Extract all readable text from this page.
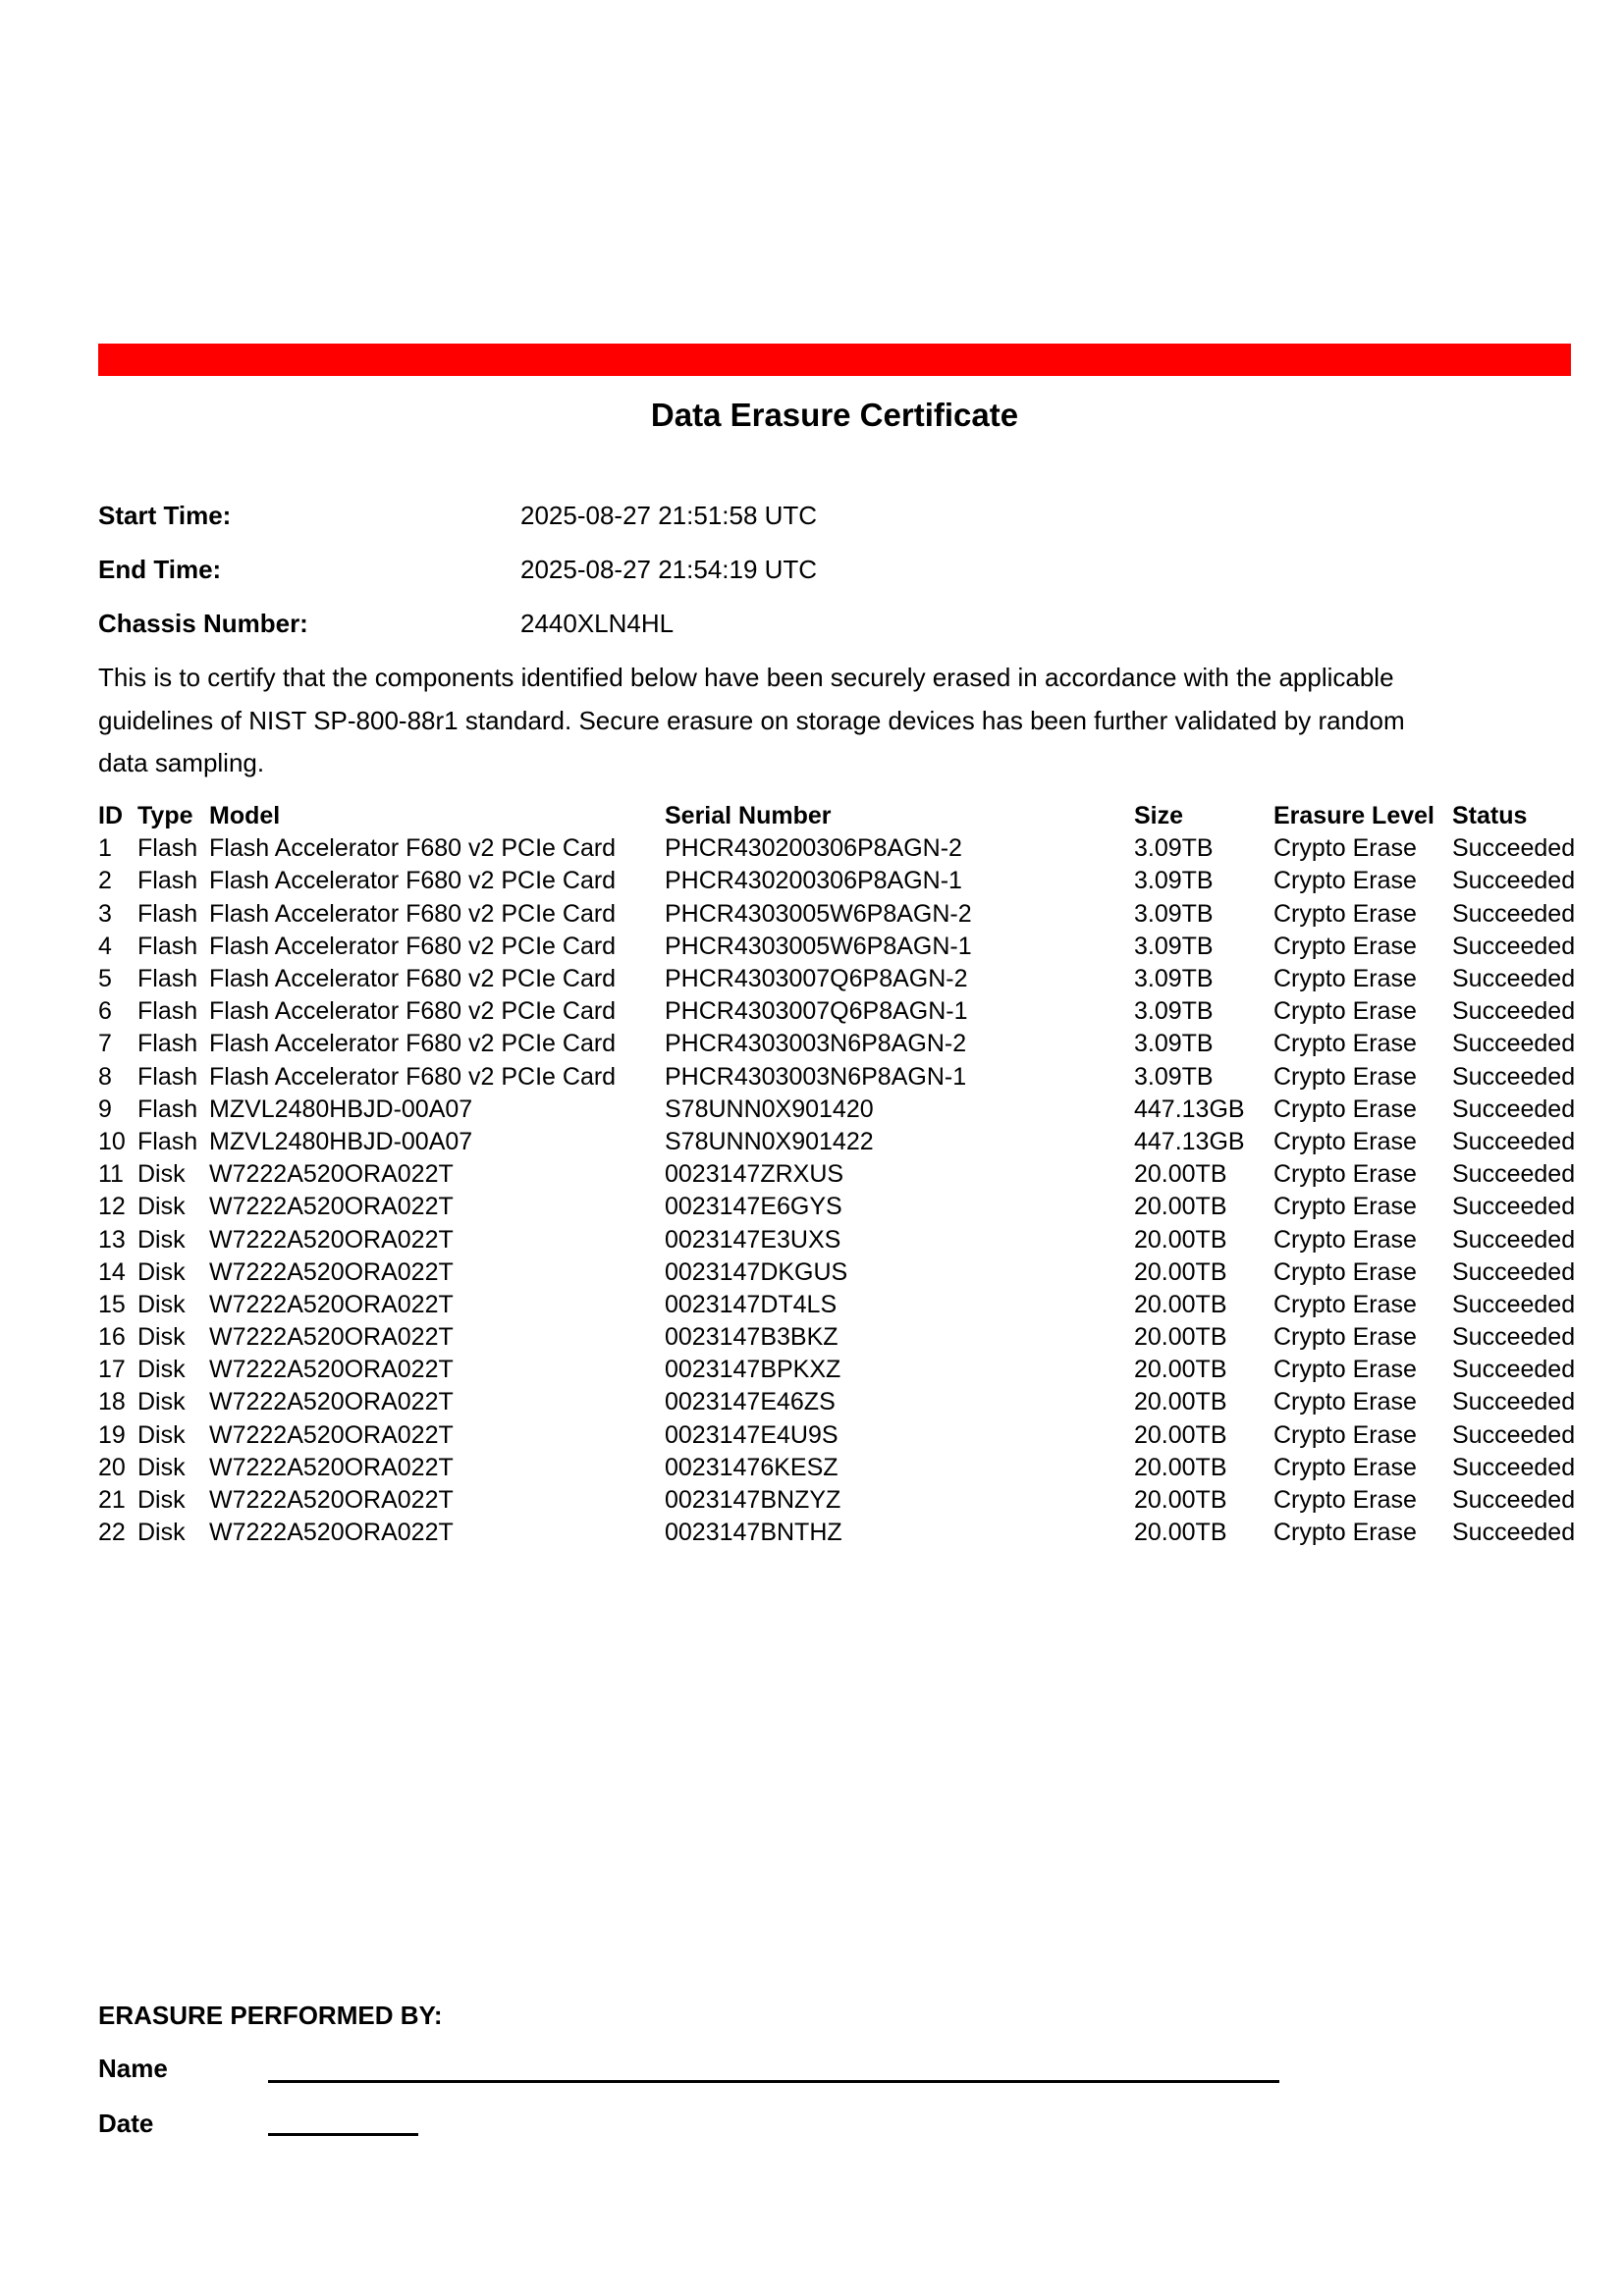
Data Erasure Certificate
Start Time:	2025-08-27 21:51:58 UTC
End Time:	2025-08-27 21:54:19 UTC
Chassis Number:	2440XLN4HL
This is to certify that the components identified below have been securely erased in accordance with the applicable
guidelines of NIST SP-800-88r1 standard. Secure erasure on storage devices has been further validated by random
data sampling.
ID Type Model	Serial Number	Size	Erasure Level Status
1	Flash Flash Accelerator F680 v2 PCIe Card	PHCR430200306P8AGN-2	3.09TB	Crypto Erase	Succeeded
2	Flash Flash Accelerator F680 v2 PCIe Card	PHCR430200306P8AGN-1	3.09TB	Crypto Erase	Succeeded
3	Flash Flash Accelerator F680 v2 PCIe Card	PHCR4303005W6P8AGN-2	3.09TB	Crypto Erase	Succeeded
4	Flash Flash Accelerator F680 v2 PCIe Card	PHCR4303005W6P8AGN-1	3.09TB	Crypto Erase	Succeeded
5	Flash Flash Accelerator F680 v2 PCIe Card	PHCR4303007Q6P8AGN-2	3.09TB	Crypto Erase	Succeeded
6	Flash Flash Accelerator F680 v2 PCIe Card	PHCR4303007Q6P8AGN-1	3.09TB	Crypto Erase	Succeeded
7	Flash Flash Accelerator F680 v2 PCIe Card	PHCR4303003N6P8AGN-2	3.09TB	Crypto Erase	Succeeded
8	Flash Flash Accelerator F680 v2 PCIe Card	PHCR4303003N6P8AGN-1	3.09TB	Crypto Erase	Succeeded
9	Flash MZVL2480HBJD-00A07	S78UNN0X901420	447.13GB	Crypto Erase	Succeeded
10 Flash MZVL2480HBJD-00A07	S78UNN0X901422	447.13GB	Crypto Erase	Succeeded
11 Disk W7222A520ORA022T	0023147ZRXUS	20.00TB	Crypto Erase	Succeeded
12 Disk W7222A520ORA022T	0023147E6GYS	20.00TB	Crypto Erase	Succeeded
13 Disk W7222A520ORA022T	0023147E3UXS	20.00TB	Crypto Erase	Succeeded
14 Disk W7222A520ORA022T	0023147DKGUS	20.00TB	Crypto Erase	Succeeded
15 Disk W7222A520ORA022T	0023147DT4LS	20.00TB	Crypto Erase	Succeeded
16 Disk W7222A520ORA022T	0023147B3BKZ	20.00TB	Crypto Erase	Succeeded
17 Disk W7222A520ORA022T	0023147BPKXZ	20.00TB	Crypto Erase	Succeeded
18 Disk W7222A520ORA022T	0023147E46ZS	20.00TB	Crypto Erase	Succeeded
19 Disk W7222A520ORA022T	0023147E4U9S	20.00TB	Crypto Erase	Succeeded
20 Disk W7222A520ORA022T	00231476KESZ	20.00TB	Crypto Erase	Succeeded
21 Disk W7222A520ORA022T	0023147BNZYZ	20.00TB	Crypto Erase	Succeeded
22 Disk W7222A520ORA022T	0023147BNTHZ	20.00TB	Crypto Erase	Succeeded
ERASURE PERFORMED BY:
Name
Date
